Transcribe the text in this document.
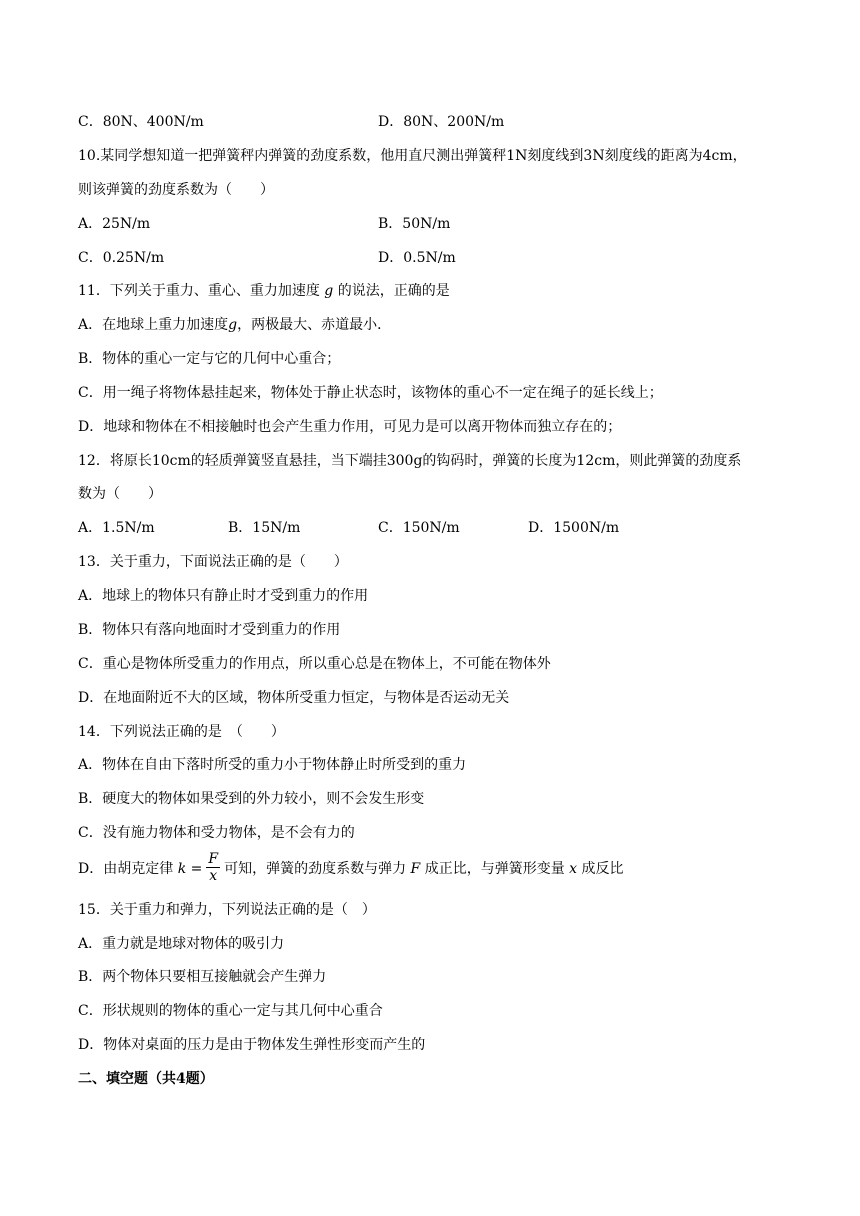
C．80N、400N/m	D．80N、200N/m
10.某同学想知道一把弹簧秤内弹簧的劲度系数，他用直尺测出弹簧秤1N刻度线到3N刻度线的距离为4cm，
则该弹簧的劲度系数为（　　）
A．25N/m	B．50N/m
C．0.25N/m	D．0.5N/m
11．下列关于重力、重心、重力加速度 g 的说法，正确的是
A．在地球上重力加速度g，两极最大、赤道最小．
B．物体的重心一定与它的几何中心重合；
C．用一绳子将物体悬挂起来，物体处于静止状态时，该物体的重心不一定在绳子的延长线上；
D．地球和物体在不相接触时也会产生重力作用，可见力是可以离开物体而独立存在的；
12．将原长10cm的轻质弹簧竖直悬挂，当下端挂300g的钩码时，弹簧的长度为12cm，则此弹簧的劲度系
数为（　　）
A．1.5N/m	B．15N/m	C．150N/m	D．1500N/m
13．关于重力，下面说法正确的是（　　）
A．地球上的物体只有静止时才受到重力的作用
B．物体只有落向地面时才受到重力的作用
C．重心是物体所受重力的作用点，所以重心总是在物体上，不可能在物体外
D．在地面附近不大的区域，物体所受重力恒定，与物体是否运动无关
14．下列说法正确的是　（　　）
A．物体在自由下落时所受的重力小于物体静止时所受到的重力
B．硬度大的物体如果受到的外力较小，则不会发生形变
C．没有施力物体和受力物体，是不会有力的
D．由胡克定律 $k = \frac{F}{x}$ 可知，弹簧的劲度系数与弹力 F 成正比，与弹簧形变量 x 成反比
15．关于重力和弹力，下列说法正确的是（　）
A．重力就是地球对物体的吸引力
B．两个物体只要相互接触就会产生弹力
C．形状规则的物体的重心一定与其几何中心重合
D．物体对桌面的压力是由于物体发生弹性形变而产生的
二、填空题（共4题）
